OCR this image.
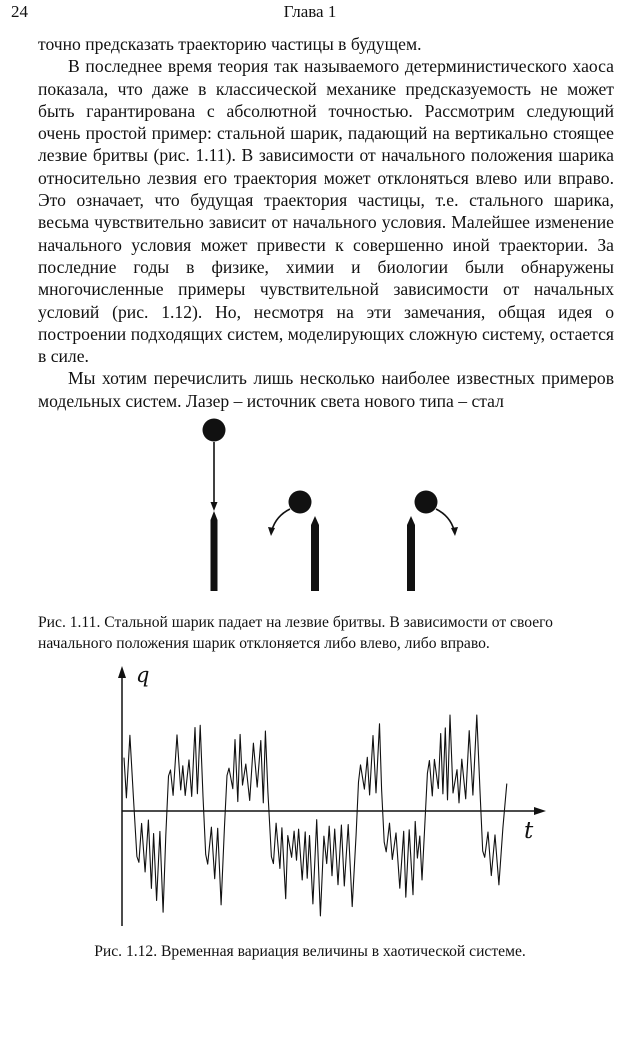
24	Глава 1

точно предсказать траекторию частицы в будущем.

В последнее время теория так называемого детерминистического хаоса показала, что даже в классической механике предсказуемость не может быть гарантирована с абсолютной точностью. Рассмотрим следующий очень простой пример: стальной шарик, падающий на вертикально стоящее лезвие бритвы (рис. 1.11). В зависимости от начального положения шарика относительно лезвия его траектория может отклоняться влево или вправо. Это означает, что будущая траектория частицы, т.е. стального шарика, весьма чувствительно зависит от начального условия. Малейшее изменение начального условия может привести к совершенно иной траектории. За последние годы в физике, химии и биологии были обнаружены многочисленные примеры чувствительной зависимости от начальных условий (рис. 1.12). Но, несмотря на эти замечания, общая идея о построении подходящих систем, моделирующих сложную систему, остается в силе.

Мы хотим перечислить лишь несколько наиболее известных примеров модельных систем. Лазер – источник света нового типа – стал

Рис. 1.11. Стальной шарик падает на лезвие бритвы. В зависимости от своего
начального положения шарик отклоняется либо влево, либо вправо.
q
t
Рис. 1.12. Временная вариация величины в хаотической системе.
